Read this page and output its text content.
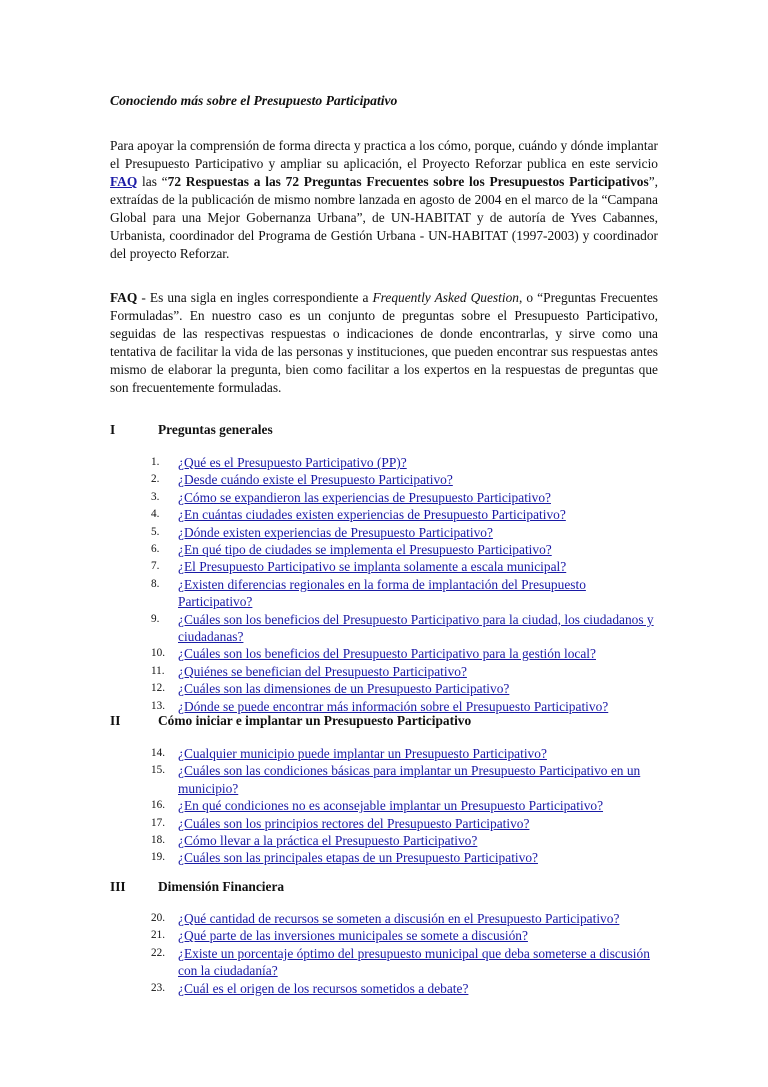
Conociendo más sobre el Presupuesto Participativo

Para apoyar la comprensión de forma directa y practica a los cómo, porque, cuándo y dónde implantar el Presupuesto Participativo y ampliar su aplicación, el Proyecto Reforzar publica en este servicio FAQ las “72 Respuestas a las 72 Preguntas Frecuentes sobre los Presupuestos Participativos”, extraídas de la publicación de mismo nombre lanzada en agosto de 2004 en el marco de la “Campana Global para una Mejor Gobernanza Urbana”, de UN-HABITAT y de autoría de Yves Cabannes, Urbanista, coordinador del Programa de Gestión Urbana - UN-HABITAT (1997-2003) y coordinador del proyecto Reforzar.

FAQ - Es una sigla en ingles correspondiente a Frequently Asked Question, o “Preguntas Frecuentes Formuladas”. En nuestro caso es un conjunto de preguntas sobre el Presupuesto Participativo, seguidas de las respectivas respuestas o indicaciones de donde encontrarlas, y sirve como una tentativa de facilitar la vida de las personas y instituciones, que pueden encontrar sus respuestas antes mismo de elaborar la pregunta, bien como facilitar a los expertos en la respuestas de preguntas que son frecuentemente formuladas.

I	Preguntas generales
1. ¿Qué es el Presupuesto Participativo (PP)?
2. ¿Desde cuándo existe el Presupuesto Participativo?
3. ¿Cómo se expandieron las experiencias de Presupuesto Participativo?
4. ¿En cuántas ciudades existen experiencias de Presupuesto Participativo?
5. ¿Dónde existen experiencias de Presupuesto Participativo?
6. ¿En qué tipo de ciudades se implementa el Presupuesto Participativo?
7. ¿El Presupuesto Participativo se implanta solamente a escala municipal?
8. ¿Existen diferencias regionales en la forma de implantación del Presupuesto Participativo?
9. ¿Cuáles son los beneficios del Presupuesto Participativo para la ciudad, los ciudadanos y ciudadanas?
10. ¿Cuáles son los beneficios del Presupuesto Participativo para la gestión local?
11. ¿Quiénes se benefician del Presupuesto Participativo?
12. ¿Cuáles son las dimensiones de un Presupuesto Participativo?
13. ¿Dónde se puede encontrar más información sobre el Presupuesto Participativo?
II	Cómo iniciar e implantar un Presupuesto Participativo
14. ¿Cualquier municipio puede implantar un Presupuesto Participativo?
15. ¿Cuáles son las condiciones básicas para implantar un Presupuesto Participativo en un municipio?
16. ¿En qué condiciones no es aconsejable implantar un Presupuesto Participativo?
17. ¿Cuáles son los principios rectores del Presupuesto Participativo?
18. ¿Cómo llevar a la práctica el Presupuesto Participativo?
19. ¿Cuáles son las principales etapas de un Presupuesto Participativo?
III Dimensión Financiera
20. ¿Qué cantidad de recursos se someten a discusión en el Presupuesto Participativo?
21. ¿Qué parte de las inversiones municipales se somete a discusión?
22. ¿Existe un porcentaje óptimo del presupuesto municipal que deba someterse a discusión con la ciudadanía?
23. ¿Cuál es el origen de los recursos sometidos a debate?
